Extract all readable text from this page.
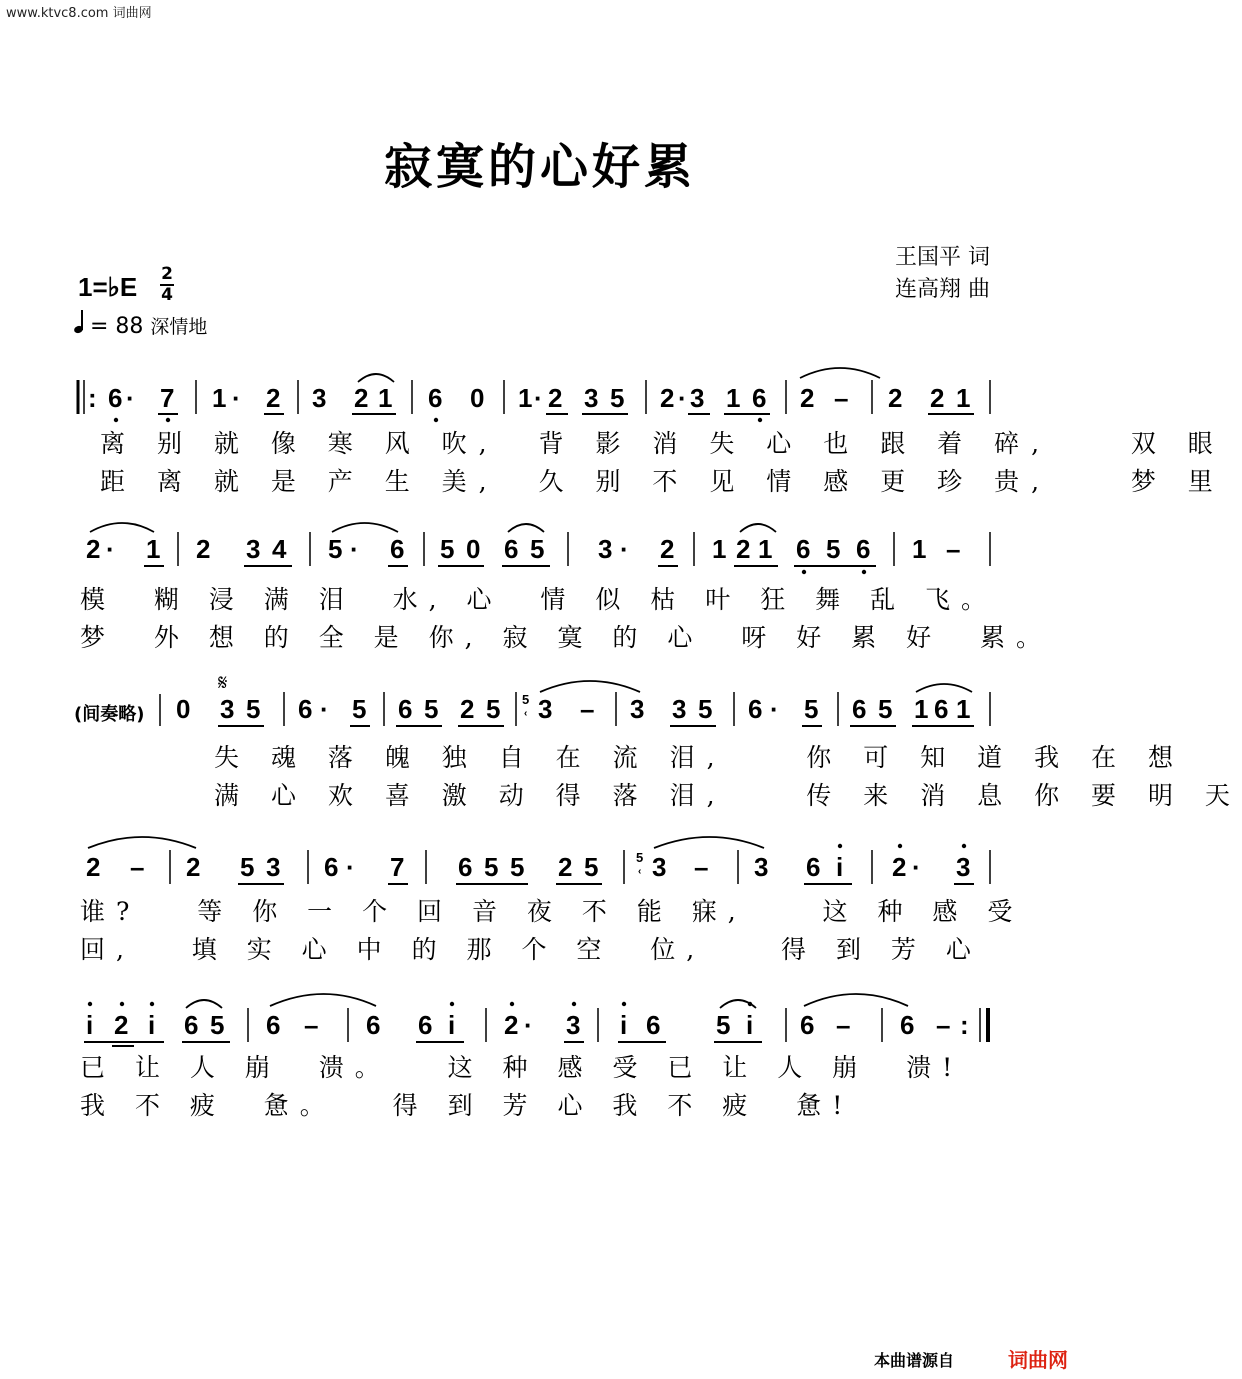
www.ktvc8.com 词曲网
寂寞的心好累
王国平 词
连高翔 曲
1=♭E 2
4
= 88 深情地
: 6 · 7 1 · 2 3 2 1 6 0 1 · 2 3 5 2 · 3 1 6 2 – 2 2 1
2 · 1 2 3 4 5 · 6 5 0 6 5 3 · 2 1 2 1 6 5 6 1 –
𝄋
0 3 5 6 · 5 6 5 2 5 5
‹ 3 – 3 3 5 6 · 5 6 5 1 6 1
2 – 2 5 3 6 · 7 6 5 5 2 5	5
‹ 3 – 3 6 i 2 · 3
i 2 i 6 5 6 – 6 6 i 2 · 3 i 6 5 i 6 – 6 – :
离 别 就 像 寒 风 吹,  背 影 消 失 心 也 跟 着 碎,    双 眼
距 离 就 是 产 生 美,  久 别 不 见 情 感 更 珍 贵,    梦 里
模  糊 浸 满 泪  水, 心  情 似 枯 叶 狂 舞 乱 飞。
梦  外 想 的 全 是 你, 寂 寞 的 心  呀 好 累 好  累。
(间奏略)
失 魂 落 魄 独 自 在 流 泪,    你 可 知 道 我 在 想
满 心 欢 喜 激 动 得 落 泪,    传 来 消 息 你 要 明 天
谁?   等 你 一 个 回 音 夜 不 能 寐,    这 种 感 受
回,   填 实 心 中 的 那 个 空  位,    得 到 芳 心
已 让 人 崩  溃。   这 种 感 受 已 让 人 崩  溃!
我 不 疲  惫。   得 到 芳 心 我 不 疲  惫!
本曲谱源自	词曲网
